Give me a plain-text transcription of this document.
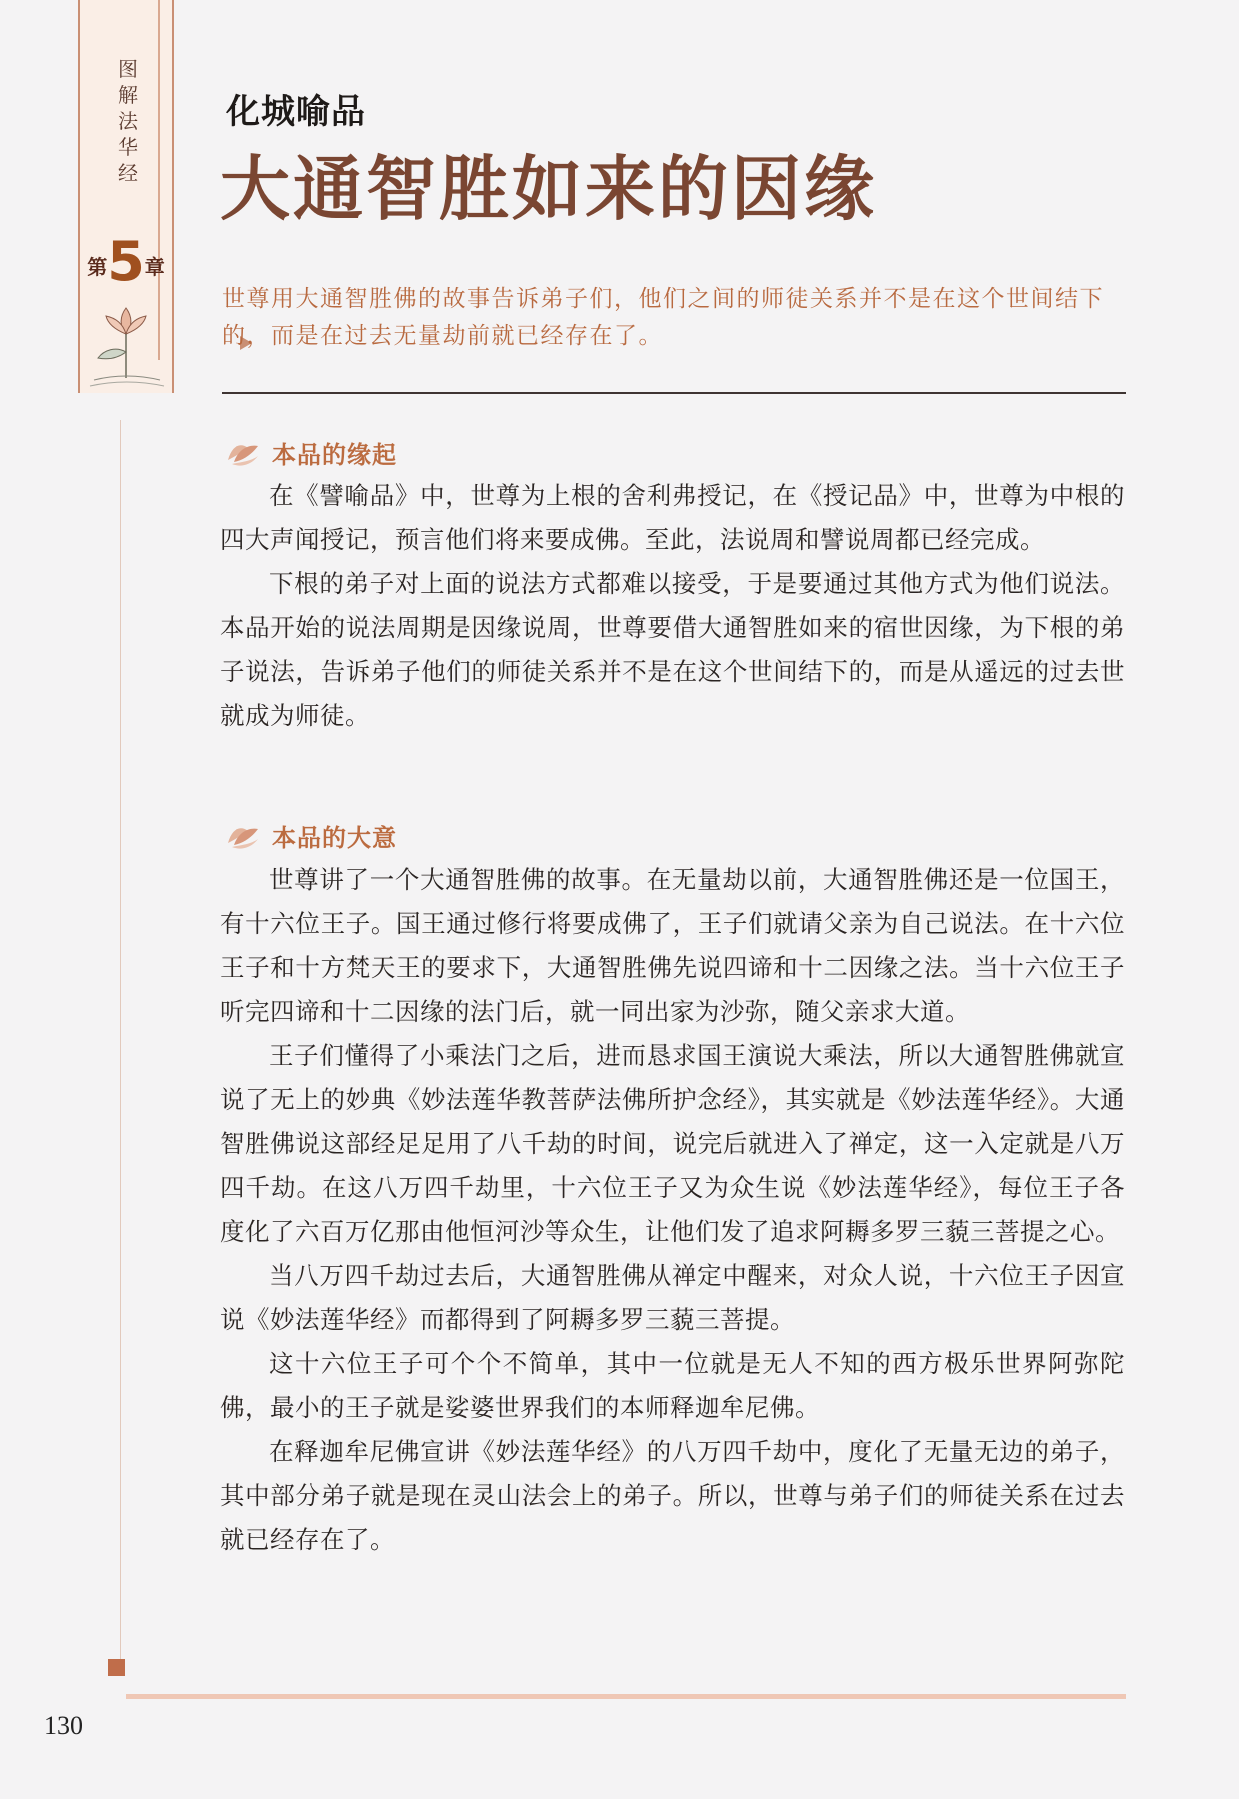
图
解
法
华
经
第5章
化城喻品
大通智胜如来的因缘
世尊用大通智胜佛的故事告诉弟子们，他们之间的师徒关系并不是在这个世间结下的，而是在过去无量劫前就已经存在了。
本品的缘起

在《譬喻品》中，世尊为上根的舍利弗授记，在《授记品》中，世尊为中根的四大声闻授记，预言他们将来要成佛。至此，法说周和譬说周都已经完成。

下根的弟子对上面的说法方式都难以接受，于是要通过其他方式为他们说法。本品开始的说法周期是因缘说周，世尊要借大通智胜如来的宿世因缘，为下根的弟子说法，告诉弟子他们的师徒关系并不是在这个世间结下的，而是从遥远的过去世就成为师徒。

本品的大意

世尊讲了一个大通智胜佛的故事。在无量劫以前，大通智胜佛还是一位国王，有十六位王子。国王通过修行将要成佛了，王子们就请父亲为自己说法。在十六位王子和十方梵天王的要求下，大通智胜佛先说四谛和十二因缘之法。当十六位王子听完四谛和十二因缘的法门后，就一同出家为沙弥，随父亲求大道。

王子们懂得了小乘法门之后，进而恳求国王演说大乘法，所以大通智胜佛就宣说了无上的妙典《妙法莲华教菩萨法佛所护念经》，其实就是《妙法莲华经》。大通智胜佛说这部经足足用了八千劫的时间，说完后就进入了禅定，这一入定就是八万四千劫。在这八万四千劫里，十六位王子又为众生说《妙法莲华经》，每位王子各度化了六百万亿那由他恒河沙等众生，让他们发了追求阿耨多罗三藐三菩提之心。

当八万四千劫过去后，大通智胜佛从禅定中醒来，对众人说，十六位王子因宣说《妙法莲华经》而都得到了阿耨多罗三藐三菩提。

这十六位王子可个个不简单，其中一位就是无人不知的西方极乐世界阿弥陀佛，最小的王子就是娑婆世界我们的本师释迦牟尼佛。

在释迦牟尼佛宣讲《妙法莲华经》的八万四千劫中，度化了无量无边的弟子，其中部分弟子就是现在灵山法会上的弟子。所以，世尊与弟子们的师徒关系在过去就已经存在了。

130
